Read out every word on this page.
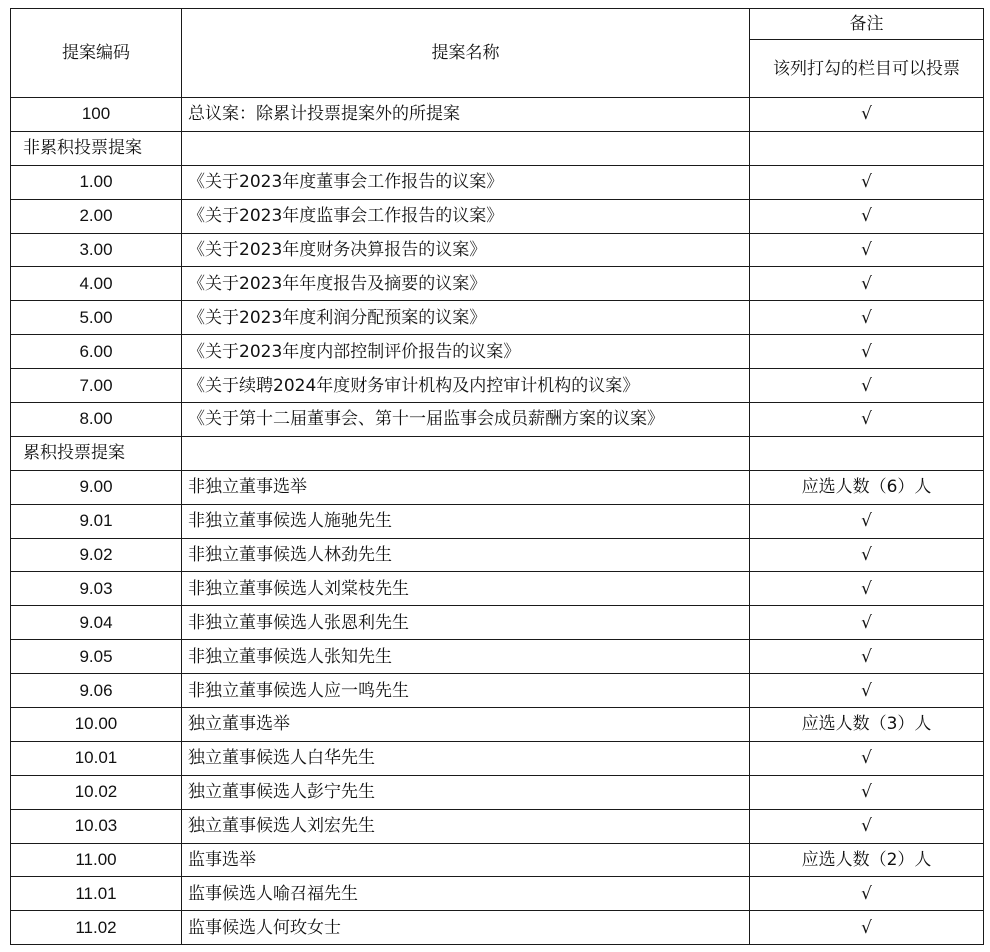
提案编码	提案名称	备注
		该列打勾的栏目可以投票
100	总议案：除累计投票提案外的所提案	√
非累积投票提案		
1.00	《关于2023年度董事会工作报告的议案》	√
2.00	《关于2023年度监事会工作报告的议案》	√
3.00	《关于2023年度财务决算报告的议案》	√
4.00	《关于2023年年度报告及摘要的议案》	√
5.00	《关于2023年度利润分配预案的议案》	√
6.00	《关于2023年度内部控制评价报告的议案》	√
7.00	《关于续聘2024年度财务审计机构及内控审计机构的议案》	√
8.00	《关于第十二届董事会、第十一届监事会成员薪酬方案的议案》	√
累积投票提案		
9.00	非独立董事选举	应选人数（6）人
9.01	非独立董事候选人施驰先生	√
9.02	非独立董事候选人林劲先生	√
9.03	非独立董事候选人刘棠枝先生	√
9.04	非独立董事候选人张恩利先生	√
9.05	非独立董事候选人张知先生	√
9.06	非独立董事候选人应一鸣先生	√
10.00	独立董事选举	应选人数（3）人
10.01	独立董事候选人白华先生	√
10.02	独立董事候选人彭宁先生	√
10.03	独立董事候选人刘宏先生	√
11.00	监事选举	应选人数（2）人
11.01	监事候选人喻召福先生	√
11.02	监事候选人何玫女士	√
